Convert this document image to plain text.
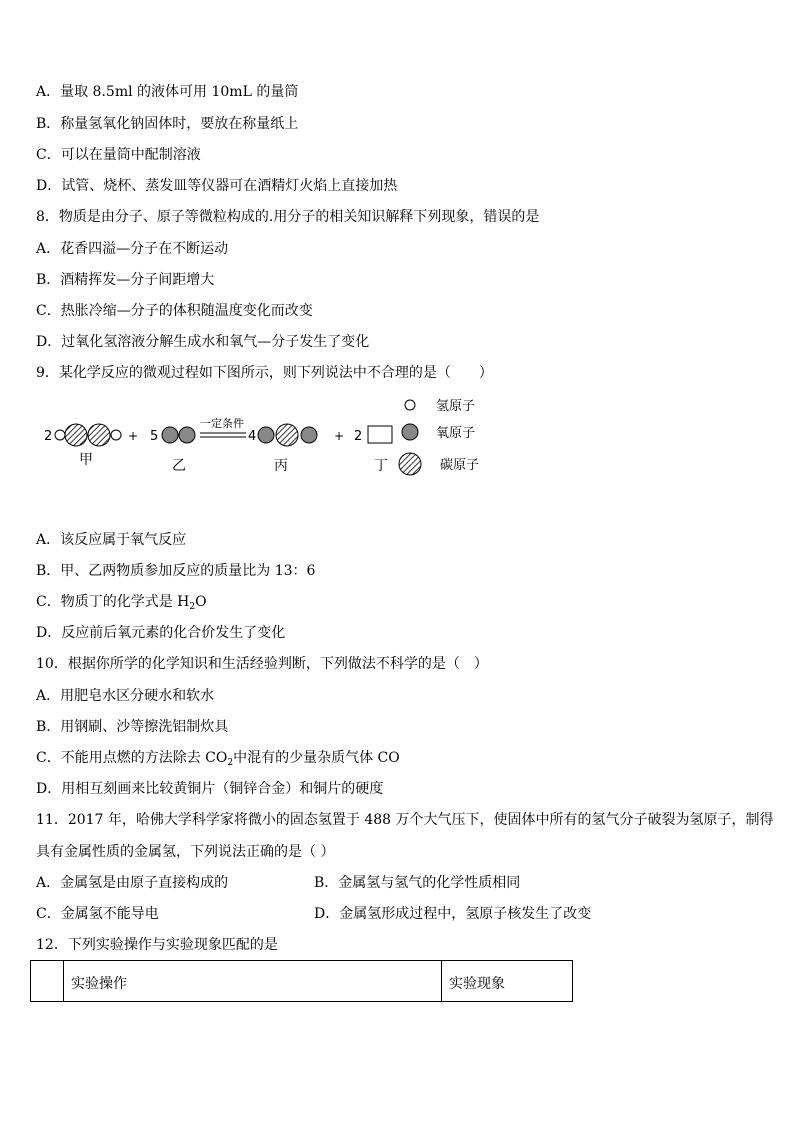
A．量取 8.5ml 的液体可用 10mL 的量筒
B．称量氢氧化钠固体时，要放在称量纸上
C．可以在量筒中配制溶液
D．试管、烧杯、蒸发皿等仪器可在酒精灯火焰上直接加热
8．物质是由分子、原子等微粒构成的.用分子的相关知识解释下列现象，错误的是
A．花香四溢—分子在不断运动
B．酒精挥发—分子间距增大
C．热胀冷缩—分子的体积随温度变化而改变
D．过氧化氢溶液分解生成水和氧气—分子发生了变化
9．某化学反应的微观过程如下图所示，则下列说法中不合理的是（　　）
2	+
甲
5
乙
一定条件
4
丙
+ 2
丁
氢原子
氧原子
碳原子
A．该反应属于氧气反应
B．甲、乙两物质参加反应的质量比为 13：6
C．物质丁的化学式是 $H_2O$
D．反应前后氧元素的化合价发生了变化
10．根据你所学的化学知识和生活经验判断，下列做法不科学的是（　）
A．用肥皂水区分硬水和软水
B．用钢刷、沙等擦洗铝制炊具
C．不能用点燃的方法除去 $CO_2$中混有的少量杂质气体 CO
D．用相互刻画来比较黄铜片（铜锌合金）和铜片的硬度
11．2017 年，哈佛大学科学家将微小的固态氢置于 488 万个大气压下，使固体中所有的氢气分子破裂为氢原子，制得
具有金属性质的金属氢，下列说法正确的是（ ）
A．金属氢是由原子直接构成的	B．金属氢与氢气的化学性质相同
C．金属氢不能导电	D．金属氢形成过程中，氢原子核发生了改变
12．下列实验操作与实验现象匹配的是
实验操作	实验现象
